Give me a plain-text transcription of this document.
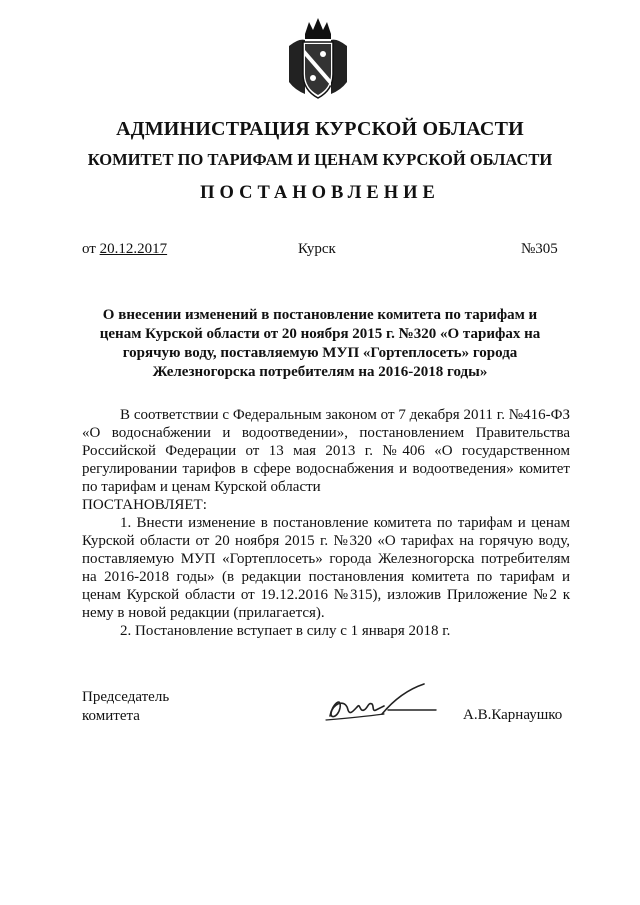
АДМИНИСТРАЦИЯ КУРСКОЙ ОБЛАСТИ
КОМИТЕТ ПО ТАРИФАМ И ЦЕНАМ КУРСКОЙ ОБЛАСТИ
ПОСТАНОВЛЕНИЕ
от 20.12.2017	Курск	№305
О внесении изменений в постановление комитета по тарифам и ценам Курской области от 20 ноября 2015 г. №320 «О тарифах на горячую воду, поставляемую МУП «Гортеплосеть» города Железногорска потребителям на 2016-2018 годы»

В соответствии с Федеральным законом от 7 декабря 2011 г. №416-ФЗ «О водоснабжении и водоотведении», постановлением Правительства Российской Федерации от 13 мая 2013 г. №406 «О государственном регулировании тарифов в сфере водоснабжения и водоотведения» комитет по тарифам и ценам Курской области

ПОСТАНОВЛЯЕТ:

1. Внести изменение в постановление комитета по тарифам и ценам Курской области от 20 ноября 2015 г. №320 «О тарифах на горячую воду, поставляемую МУП «Гортеплосеть» города Железногорска потребителям на 2016-2018 годы» (в редакции постановления комитета по тарифам и ценам Курской области от 19.12.2016 №315), изложив Приложение №2 к нему в новой редакции (прилагается).

2. Постановление вступает в силу с 1 января 2018 г.

Председатель
комитета	А.В.Карнаушко
